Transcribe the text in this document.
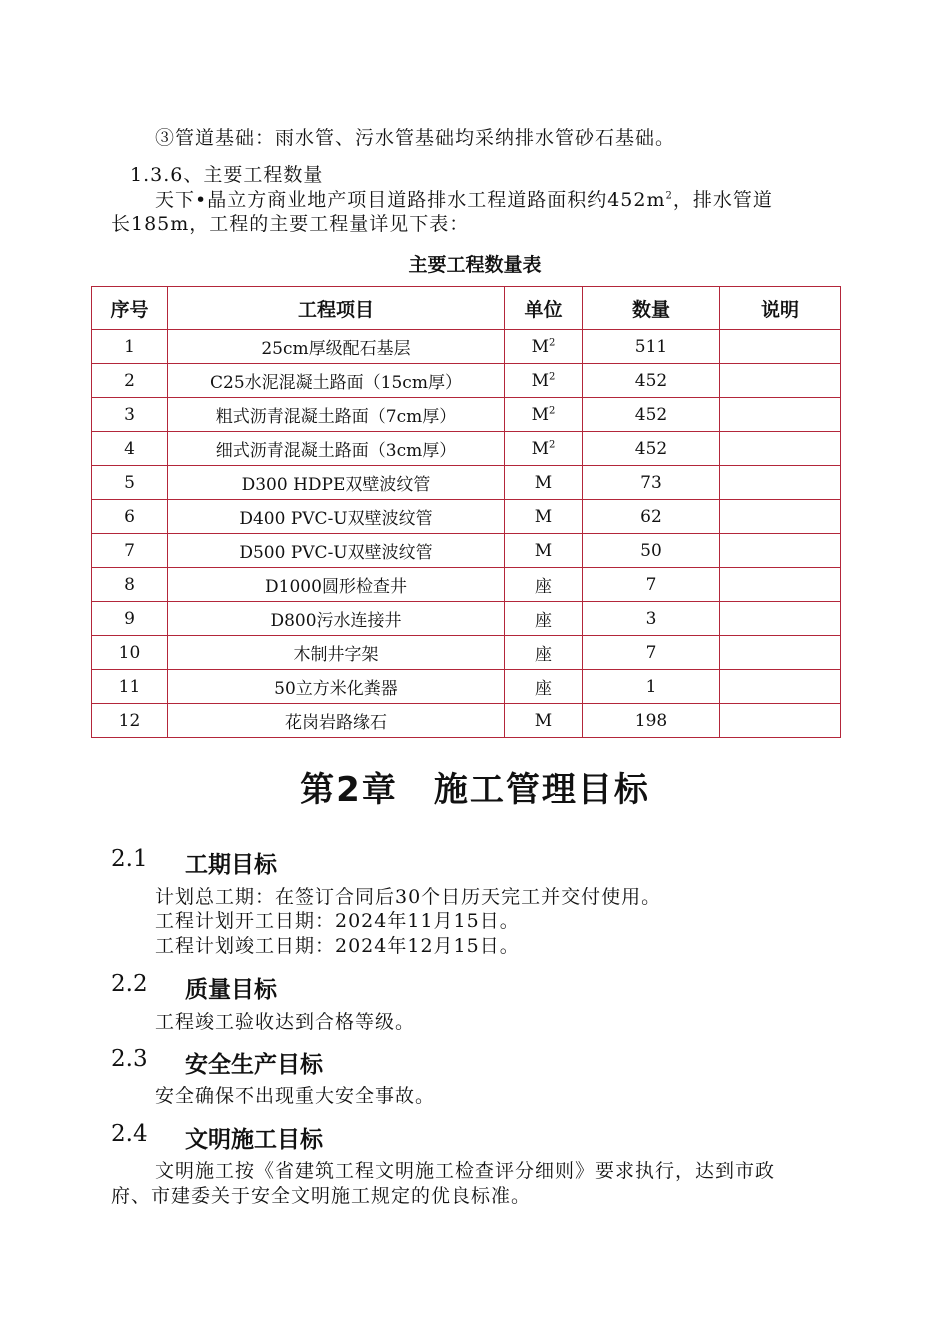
③管道基础：雨水管、污水管基础均采纳排水管砂石基础。
1.3.6、主要工程数量
天下•晶立方商业地产项目道路排水工程道路面积约$452m^2$，排水管道
长185m，工程的主要工程量详见下表：
主要工程数量表
序号	工程项目	单位	数量	说明
1	25cm厚级配石基层	$M^2$	511	
2	C25水泥混凝土路面（15cm厚）	$M^2$	452	
3	粗式沥青混凝土路面（7cm厚）	$M^2$	452	
4	细式沥青混凝土路面（3cm厚）	$M^2$	452	
5	D300 HDPE双壁波纹管	M	73	
6	D400 PVC-U双壁波纹管	M	62	
7	D500 PVC-U双壁波纹管	M	50	
8	D1000圆形检查井	座	7	
9	D800污水连接井	座	3	
10	木制井字架	座	7	
11	50立方米化粪器	座	1	
12	花岗岩路缘石	M	198	
第2章　施工管理目标
2.1 工期目标
计划总工期：在签订合同后30个日历天完工并交付使用。
工程计划开工日期：2024年11月15日。
工程计划竣工日期：2024年12月15日。
2.2 质量目标
工程竣工验收达到合格等级。
2.3 安全生产目标
安全确保不出现重大安全事故。
2.4 文明施工目标
文明施工按《省建筑工程文明施工检查评分细则》要求执行，达到市政
府、市建委关于安全文明施工规定的优良标准。
